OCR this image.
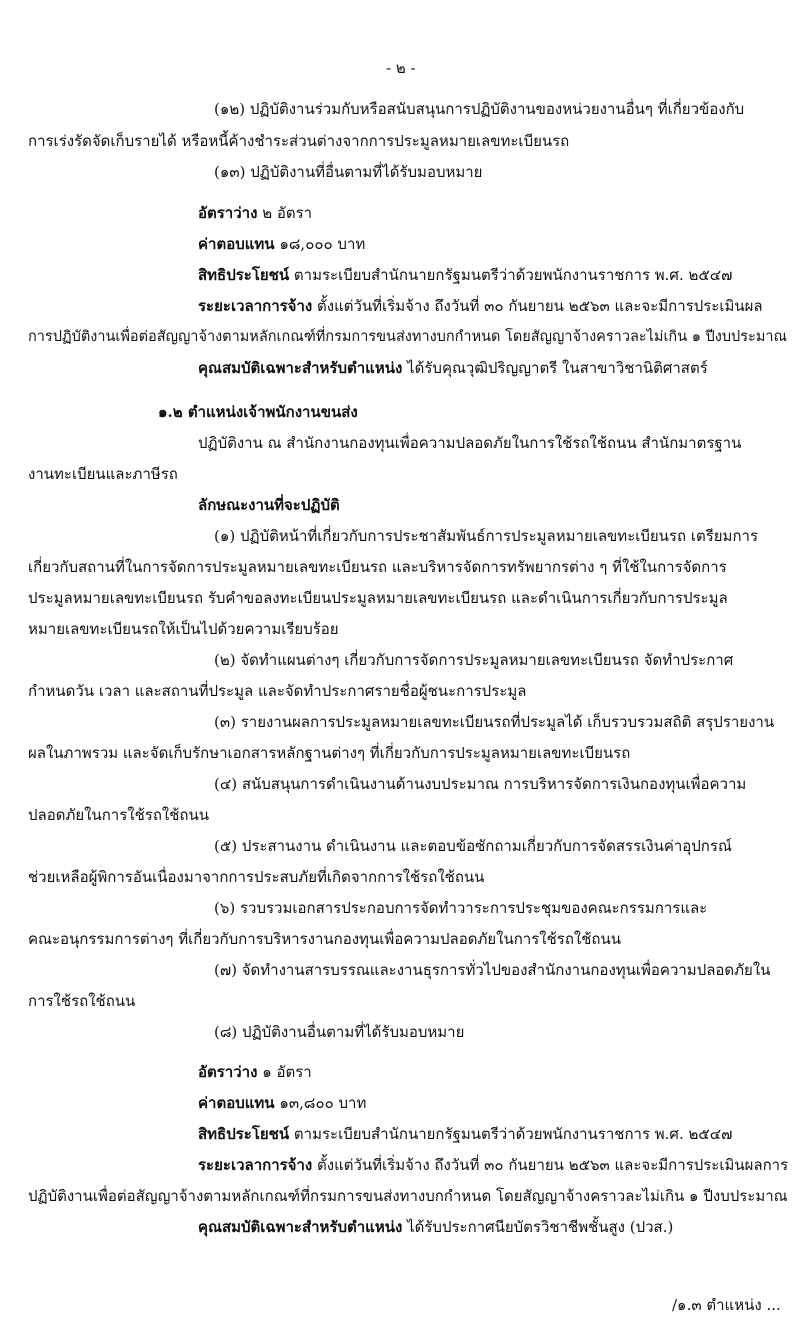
- ๒ -
(๑๒) ปฏิบัติงานร่วมกับหรือสนับสนุนการปฏิบัติงานของหน่วยงานอื่นๆ ที่เกี่ยวข้องกับ
การเร่งรัดจัดเก็บรายได้ หรือหนี้ค้างชำระส่วนต่างจากการประมูลหมายเลขทะเบียนรถ
(๑๓) ปฏิบัติงานที่อื่นตามที่ได้รับมอบหมาย
อัตราว่าง ๒ อัตรา
ค่าตอบแทน ๑๘,๐๐๐ บาท
สิทธิประโยชน์ ตามระเบียบสำนักนายกรัฐมนตรีว่าด้วยพนักงานราชการ พ.ศ. ๒๕๔๗
ระยะเวลาการจ้าง ตั้งแต่วันที่เริ่มจ้าง ถึงวันที่ ๓๐ กันยายน ๒๕๖๓ และจะมีการประเมินผล
การปฏิบัติงานเพื่อต่อสัญญาจ้างตามหลักเกณฑ์ที่กรมการขนส่งทางบกกำหนด โดยสัญญาจ้างคราวละไม่เกิน ๑ ปีงบประมาณ
คุณสมบัติเฉพาะสำหรับตำแหน่ง ได้รับคุณวุฒิปริญญาตรี ในสาขาวิชานิติศาสตร์
๑.๒ ตำแหน่งเจ้าพนักงานขนส่ง
ปฏิบัติงาน ณ สำนักงานกองทุนเพื่อความปลอดภัยในการใช้รถใช้ถนน สำนักมาตรฐาน
งานทะเบียนและภาษีรถ
ลักษณะงานที่จะปฏิบัติ
(๑) ปฏิบัติหน้าที่เกี่ยวกับการประชาสัมพันธ์การประมูลหมายเลขทะเบียนรถ เตรียมการ
เกี่ยวกับสถานที่ในการจัดการประมูลหมายเลขทะเบียนรถ และบริหารจัดการทรัพยากรต่าง ๆ ที่ใช้ในการจัดการ
ประมูลหมายเลขทะเบียนรถ รับคำขอลงทะเบียนประมูลหมายเลขทะเบียนรถ และดำเนินการเกี่ยวกับการประมูล
หมายเลขทะเบียนรถให้เป็นไปด้วยความเรียบร้อย
(๒) จัดทำแผนต่างๆ เกี่ยวกับการจัดการประมูลหมายเลขทะเบียนรถ จัดทำประกาศ
กำหนดวัน เวลา และสถานที่ประมูล และจัดทำประกาศรายชื่อผู้ชนะการประมูล
(๓) รายงานผลการประมูลหมายเลขทะเบียนรถที่ประมูลได้ เก็บรวบรวมสถิติ สรุปรายงาน
ผลในภาพรวม และจัดเก็บรักษาเอกสารหลักฐานต่างๆ ที่เกี่ยวกับการประมูลหมายเลขทะเบียนรถ
(๔) สนับสนุนการดำเนินงานด้านงบประมาณ การบริหารจัดการเงินกองทุนเพื่อความ
ปลอดภัยในการใช้รถใช้ถนน
(๕) ประสานงาน ดำเนินงาน และตอบข้อซักถามเกี่ยวกับการจัดสรรเงินค่าอุปกรณ์
ช่วยเหลือผู้พิการอันเนื่องมาจากการประสบภัยที่เกิดจากการใช้รถใช้ถนน
(๖) รวบรวมเอกสารประกอบการจัดทำวาระการประชุมของคณะกรรมการและ
คณะอนุกรรมการต่างๆ ที่เกี่ยวกับการบริหารงานกองทุนเพื่อความปลอดภัยในการใช้รถใช้ถนน
(๗) จัดทำงานสารบรรณและงานธุรการทั่วไปของสำนักงานกองทุนเพื่อความปลอดภัยใน
การใช้รถใช้ถนน
(๘) ปฏิบัติงานอื่นตามที่ได้รับมอบหมาย
อัตราว่าง ๑ อัตรา
ค่าตอบแทน ๑๓,๘๐๐ บาท
สิทธิประโยชน์ ตามระเบียบสำนักนายกรัฐมนตรีว่าด้วยพนักงานราชการ พ.ศ. ๒๕๔๗
ระยะเวลาการจ้าง ตั้งแต่วันที่เริ่มจ้าง ถึงวันที่ ๓๐ กันยายน ๒๕๖๓ และจะมีการประเมินผลการ
ปฏิบัติงานเพื่อต่อสัญญาจ้างตามหลักเกณฑ์ที่กรมการขนส่งทางบกกำหนด โดยสัญญาจ้างคราวละไม่เกิน ๑ ปีงบประมาณ
คุณสมบัติเฉพาะสำหรับตำแหน่ง ได้รับประกาศนียบัตรวิชาชีพชั้นสูง (ปวส.)
/๑.๓ ตำแหน่ง ...
